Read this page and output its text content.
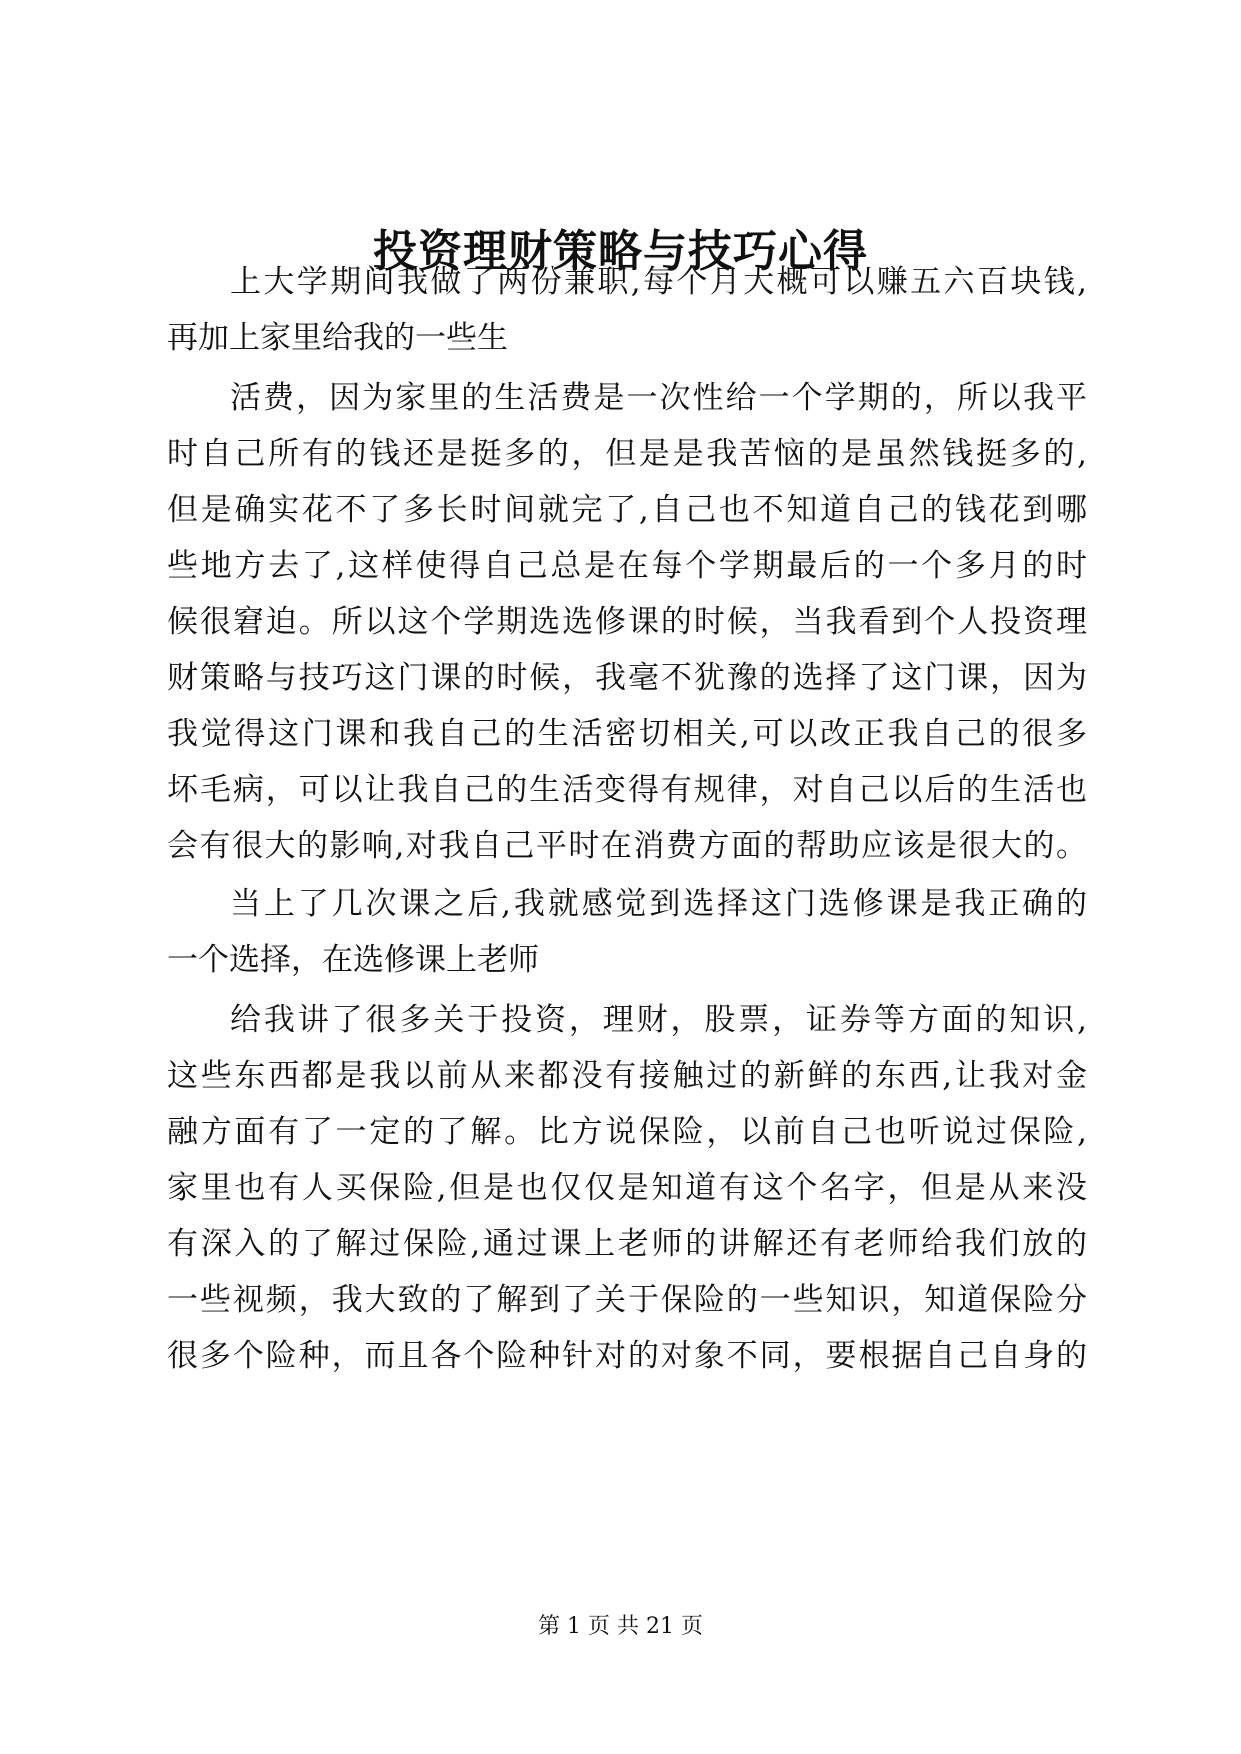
投资理财策略与技巧心得
上大学期间我做了两份兼职,每个月大概可以赚五六百块钱,
再加上家里给我的一些生
活费，因为家里的生活费是一次性给一个学期的，所以我平
时自己所有的钱还是挺多的，但是是我苦恼的是虽然钱挺多的,
但是确实花不了多长时间就完了,自己也不知道自己的钱花到哪
些地方去了,这样使得自己总是在每个学期最后的一个多月的时
候很窘迫。所以这个学期选选修课的时候，当我看到个人投资理
财策略与技巧这门课的时候，我毫不犹豫的选择了这门课，因为
我觉得这门课和我自己的生活密切相关,可以改正我自己的很多
坏毛病，可以让我自己的生活变得有规律，对自己以后的生活也
会有很大的影响,对我自己平时在消费方面的帮助应该是很大的。
当上了几次课之后,我就感觉到选择这门选修课是我正确的
一个选择，在选修课上老师
给我讲了很多关于投资，理财，股票，证券等方面的知识,
这些东西都是我以前从来都没有接触过的新鲜的东西,让我对金
融方面有了一定的了解。比方说保险，以前自己也听说过保险,
家里也有人买保险,但是也仅仅是知道有这个名字，但是从来没
有深入的了解过保险,通过课上老师的讲解还有老师给我们放的
一些视频，我大致的了解到了关于保险的一些知识，知道保险分
很多个险种，而且各个险种针对的对象不同，要根据自己自身的
第 1 页 共 21 页
